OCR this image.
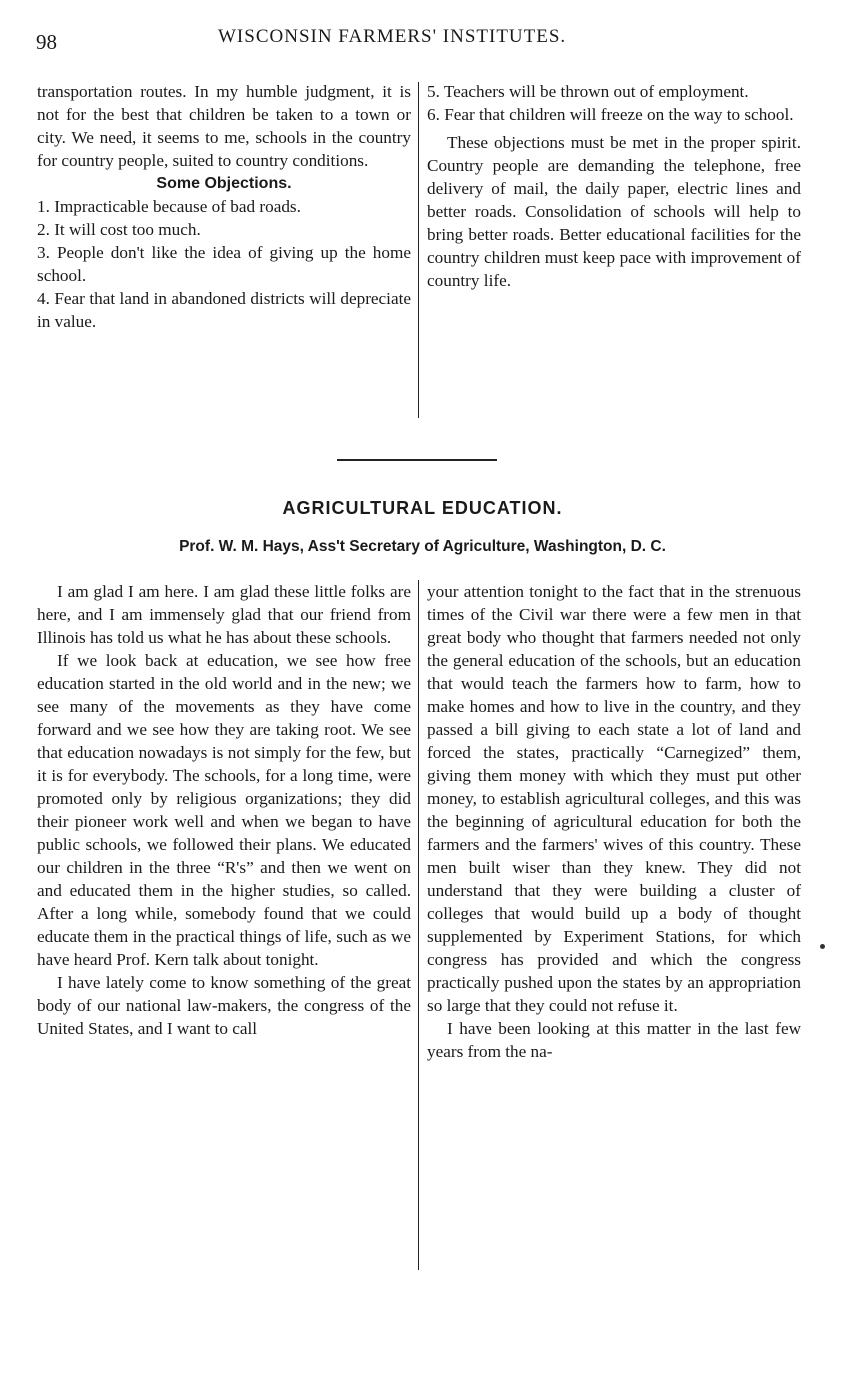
98	WISCONSIN FARMERS' INSTITUTES.

transportation routes. In my humble judgment, it is not for the best that children be taken to a town or city. We need, it seems to me, schools in the country for country people, suited to country conditions.

Some Objections.

1. Impracticable because of bad roads.

2. It will cost too much.

3. People don't like the idea of giving up the home school.

4. Fear that land in abandoned districts will depreciate in value.

5. Teachers will be thrown out of employment.

6. Fear that children will freeze on the way to school.

These objections must be met in the proper spirit. Country people are demanding the telephone, free delivery of mail, the daily paper, electric lines and better roads. Consolidation of schools will help to bring better roads. Better educational facilities for the country children must keep pace with improvement of country life.

AGRICULTURAL EDUCATION.
Prof. W. M. Hays, Ass't Secretary of Agriculture, Washington, D. C.

I am glad I am here. I am glad these little folks are here, and I am immensely glad that our friend from Illinois has told us what he has about these schools.

If we look back at education, we see how free education started in the old world and in the new; we see many of the movements as they have come forward and we see how they are taking root. We see that education nowadays is not simply for the few, but it is for everybody. The schools, for a long time, were promoted only by religious organizations; they did their pioneer work well and when we began to have public schools, we followed their plans. We educated our children in the three “R's” and then we went on and educated them in the higher studies, so called. After a long while, somebody found that we could educate them in the practical things of life, such as we have heard Prof. Kern talk about tonight.

I have lately come to know something of the great body of our national law-makers, the congress of the United States, and I want to call

your attention tonight to the fact that in the strenuous times of the Civil war there were a few men in that great body who thought that farmers needed not only the general education of the schools, but an education that would teach the farmers how to farm, how to make homes and how to live in the country, and they passed a bill giving to each state a lot of land and forced the states, practically “Carnegized” them, giving them money with which they must put other money, to establish agricultural colleges, and this was the beginning of agricultural education for both the farmers and the farmers' wives of this country. These men built wiser than they knew. They did not understand that they were building a cluster of colleges that would build up a body of thought supplemented by Experiment Stations, for which congress has provided and which the congress practically pushed upon the states by an appropriation so large that they could not refuse it.

I have been looking at this matter in the last few years from the na-
